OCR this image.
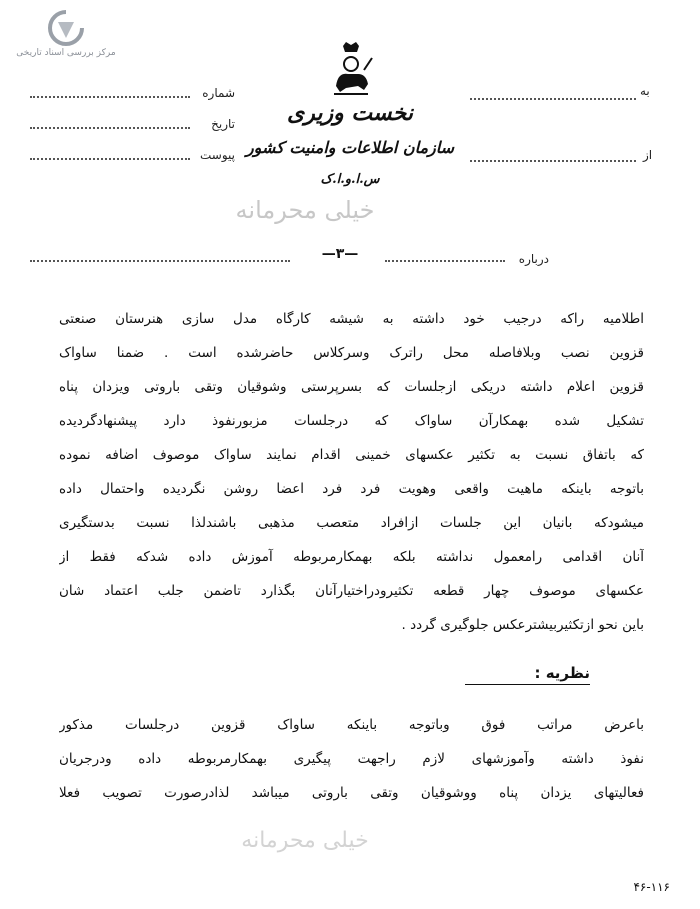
مرکز بررسی اسناد تاریخی
به
از
شماره
تاریخ
پیوست
نخست وزیری
سازمان اطلاعات وامنیت کشور
س.ا.و.ا.ک
خیلی محرمانه
—۳—	درباره
اطلامیه راکه درجیب خود داشته به شیشه کارگاه مدل سازی هنرستان صنعتی
قزوین نصب وبلافاصله محل راترک وسرکلاس حاضرشده است . ضمنا ساواک
قزوین اعلام داشته دریکی ازجلسات که بسرپرستی وشوقیان وتقی باروتی ویزدان پناه
تشکیل شده بهمکارآن ساواک که درجلسات مزبورنفوذ دارد پیشنهادگردیده
که باتفاق نسبت به تکثیر عکسهای خمینی اقدام نمایند ساواک موصوف اضافه نموده
باتوجه باینکه ماهیت واقعی وهویت فرد فرد اعضا روشن نگردیده واحتمال داده
میشودکه بانیان این جلسات ازافراد متعصب مذهبی باشندلذا نسبت بدستگیری
آنان اقدامی رامعمول نداشته بلکه بهمکارمربوطه آموزش داده شدکه فقط از
عکسهای موصوف چهار قطعه تکثیرودراختیارآنان بگذارد تاضمن جلب اعتماد شان
باین نحو ازتکثیربیشترعکس جلوگیری گردد .
نظریه :
باعرض مراتب فوق وباتوجه باینکه ساواک قزوین درجلسات مذکور
نفوذ داشته وآموزشهای لازم راجهت پیگیری بهمکارمربوطه داده ودرجریان
فعالیتهای یزدان پناه ووشوقیان وتقی باروتی میباشد لذادرصورت تصویب فعلا
خیلی محرمانه
۴۶-۱۱۶
